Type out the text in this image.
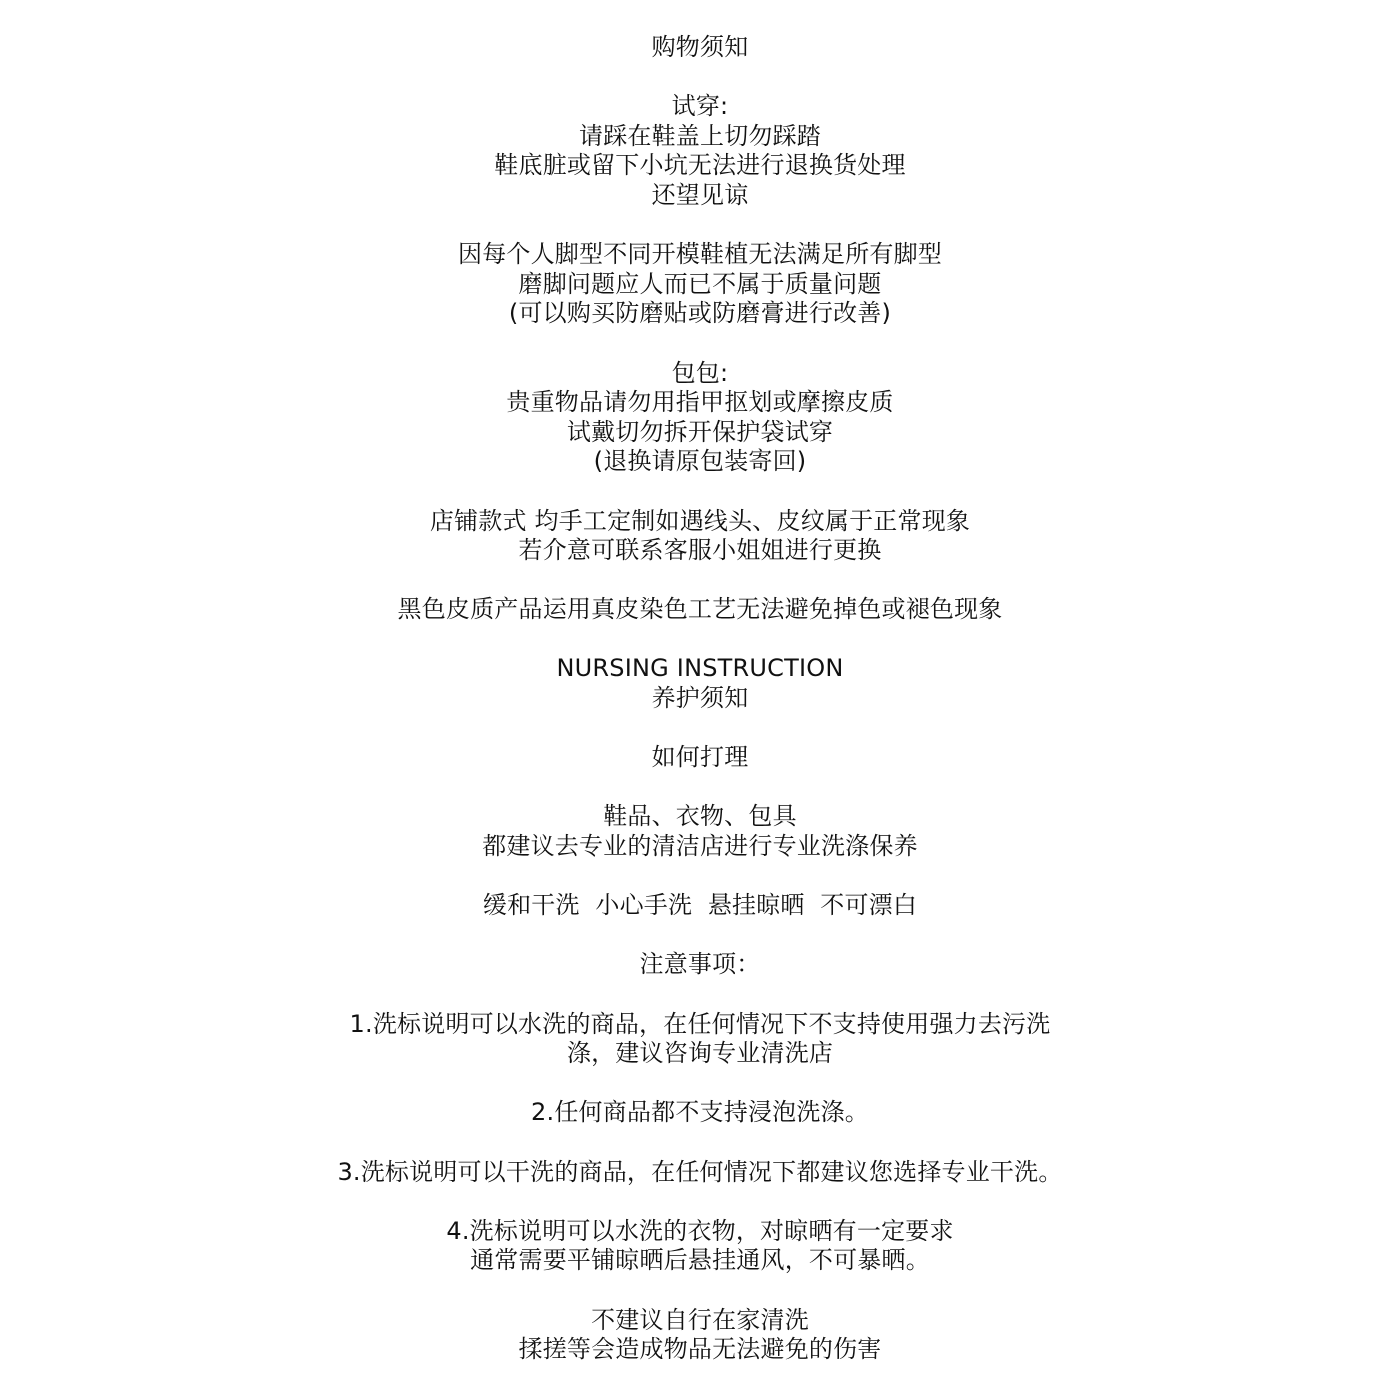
购物须知
试穿:
请踩在鞋盖上切勿踩踏
鞋底脏或留下小坑无法进行退换货处理
还望见谅
因每个人脚型不同开模鞋植无法满足所有脚型
磨脚问题应人而已不属于质量问题
(可以购买防磨贴或防磨膏进行改善)
包包:
贵重物品请勿用指甲抠划或摩擦皮质
试戴切勿拆开保护袋试穿
(退换请原包装寄回)
店铺款式 均手工定制如遇线头、皮纹属于正常现象
若介意可联系客服小姐姐进行更换
黑色皮质产品运用真皮染色工艺无法避免掉色或褪色现象
NURSING INSTRUCTION
养护须知
如何打理
鞋品、衣物、包具
都建议去专业的清洁店进行专业洗涤保养
缓和干洗  小心手洗  悬挂晾晒  不可漂白
注意事项：
1.洗标说明可以水洗的商品，在任何情况下不支持使用强力去污洗
涤，建议咨询专业清洗店
2.任何商品都不支持浸泡洗涤。
3.洗标说明可以干洗的商品，在任何情况下都建议您选择专业干洗。
4.洗标说明可以水洗的衣物，对晾晒有一定要求
通常需要平铺晾晒后悬挂通风，不可暴晒。
不建议自行在家清洗
揉搓等会造成物品无法避免的伤害
